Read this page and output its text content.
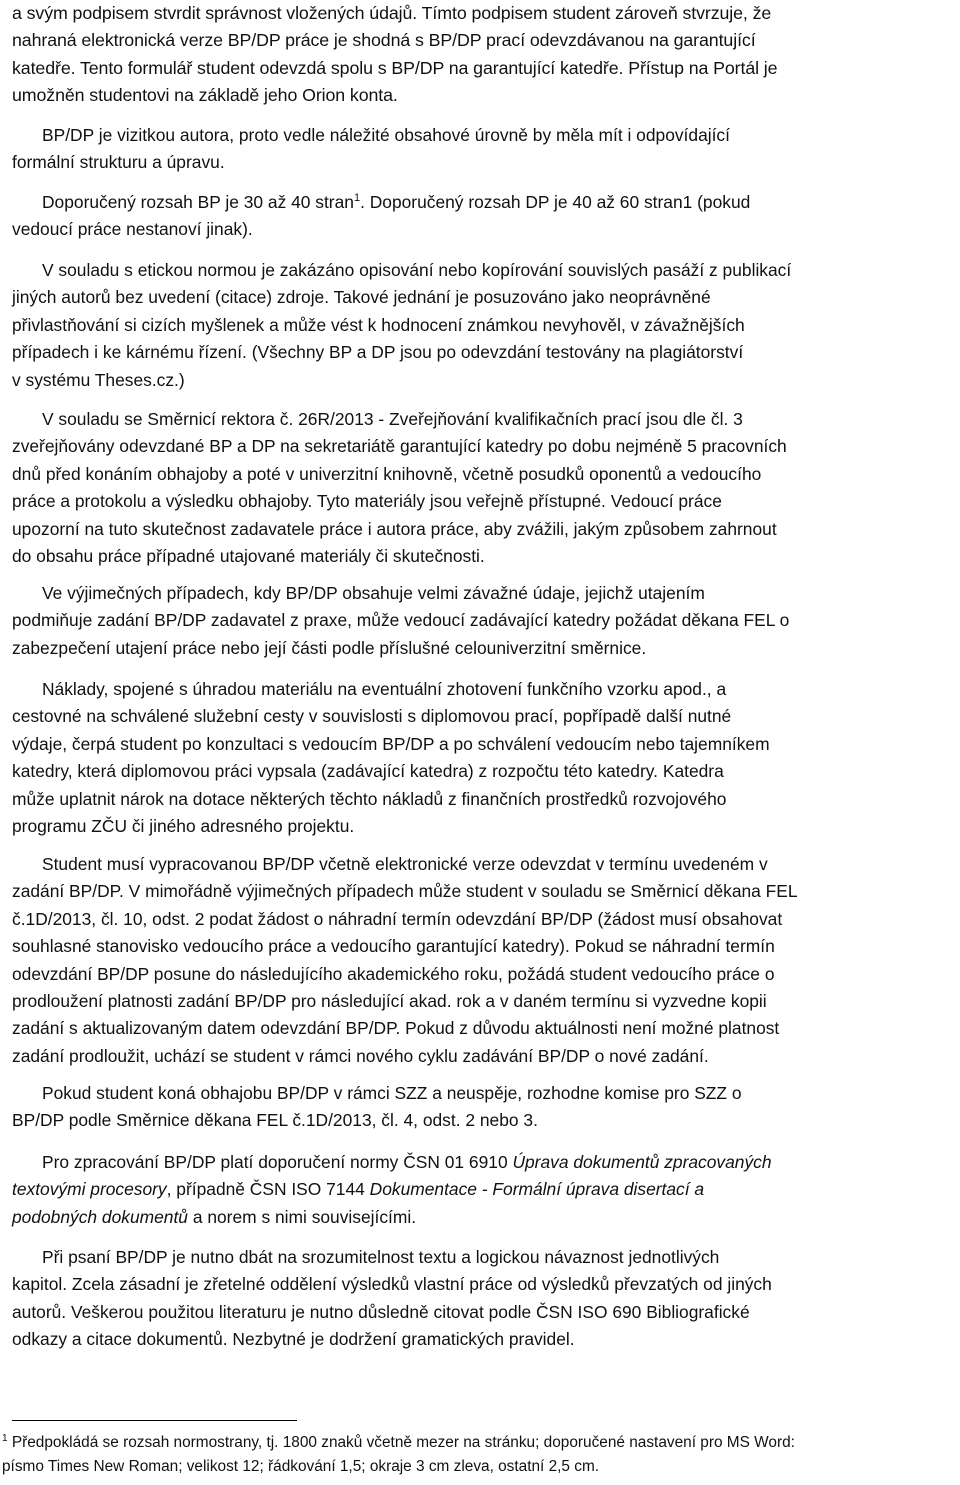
a svým podpisem stvrdit správnost vložených údajů. Tímto podpisem student zároveň stvrzuje, že
nahraná elektronická verze BP/DP práce je shodná s BP/DP prací odevzdávanou na garantující
katedře. Tento formulář student odevzdá spolu s BP/DP na garantující katedře. Přístup na Portál je
umožněn studentovi na základě jeho Orion konta.
BP/DP je vizitkou autora, proto vedle náležité obsahové úrovně by měla mít i odpovídající
formální strukturu a úpravu.
Doporučený rozsah BP je 30 až 40 stran$^1$. Doporučený rozsah DP je 40 až 60 stran1 (pokud
vedoucí práce nestanoví jinak).
V souladu s etickou normou je zakázáno opisování nebo kopírování souvislých pasáží z publikací
jiných autorů bez uvedení (citace) zdroje. Takové jednání je posuzováno jako neoprávněné
přivlastňování si cizích myšlenek a může vést k hodnocení známkou nevyhověl, v závažnějších
případech i ke kárnému řízení. (Všechny BP a DP jsou po odevzdání testovány na plagiátorství
v systému Theses.cz.)
V souladu se Směrnicí rektora č. 26R/2013 - Zveřejňování kvalifikačních prací jsou dle čl. 3
zveřejňovány odevzdané BP a DP na sekretariátě garantující katedry po dobu nejméně 5 pracovních
dnů před konáním obhajoby a poté v univerzitní knihovně, včetně posudků oponentů a vedoucího
práce a protokolu a výsledku obhajoby. Tyto materiály jsou veřejně přístupné. Vedoucí práce
upozorní na tuto skutečnost zadavatele práce i autora práce, aby zvážili, jakým způsobem zahrnout
do obsahu práce případné utajované materiály či skutečnosti.
Ve výjimečných případech, kdy BP/DP obsahuje velmi závažné údaje, jejichž utajením
podmiňuje zadání BP/DP zadavatel z praxe, může vedoucí zadávající katedry požádat děkana FEL o
zabezpečení utajení práce nebo její části podle příslušné celouniverzitní směrnice.
Náklady, spojené s úhradou materiálu na eventuální zhotovení funkčního vzorku apod., a
cestovné na schválené služební cesty v souvislosti s diplomovou prací, popřípadě další nutné
výdaje, čerpá student po konzultaci s vedoucím BP/DP a po schválení vedoucím nebo tajemníkem
katedry, která diplomovou práci vypsala (zadávající katedra) z rozpočtu této katedry. Katedra
může uplatnit nárok na dotace některých těchto nákladů z finančních prostředků rozvojového
programu ZČU či jiného adresného projektu.
Student musí vypracovanou BP/DP včetně elektronické verze odevzdat v termínu uvedeném v
zadání BP/DP. V mimořádně výjimečných případech může student v souladu se Směrnicí děkana FEL
č.1D/2013, čl. 10, odst. 2 podat žádost o náhradní termín odevzdání BP/DP (žádost musí obsahovat
souhlasné stanovisko vedoucího práce a vedoucího garantující katedry). Pokud se náhradní termín
odevzdání BP/DP posune do následujícího akademického roku, požádá student vedoucího práce o
prodloužení platnosti zadání BP/DP pro následující akad. rok a v daném termínu si vyzvedne kopii
zadání s aktualizovaným datem odevzdání BP/DP. Pokud z důvodu aktuálnosti není možné platnost
zadání prodloužit, uchází se student v rámci nového cyklu zadávání BP/DP o nové zadání.
Pokud student koná obhajobu BP/DP v rámci SZZ a neuspěje, rozhodne komise pro SZZ o
BP/DP podle Směrnice děkana FEL č.1D/2013, čl. 4, odst. 2 nebo 3.
Pro zpracování BP/DP platí doporučení normy ČSN 01 6910 Úprava dokumentů zpracovaných
textovými procesory, případně ČSN ISO 7144 Dokumentace - Formální úprava disertací a
podobných dokumentů a norem s nimi souvisejícími.
Při psaní BP/DP je nutno dbát na srozumitelnost textu a logickou návaznost jednotlivých
kapitol. Zcela zásadní je zřetelné oddělení výsledků vlastní práce od výsledků převzatých od jiných
autorů. Veškerou použitou literaturu je nutno důsledně citovat podle ČSN ISO 690 Bibliografické
odkazy a citace dokumentů. Nezbytné je dodržení gramatických pravidel.
$^1$ Předpokládá se rozsah normostrany, tj. 1800 znaků včetně mezer na stránku; doporučené nastavení pro MS Word:
písmo Times New Roman; velikost 12; řádkování 1,5; okraje 3 cm zleva, ostatní 2,5 cm.
